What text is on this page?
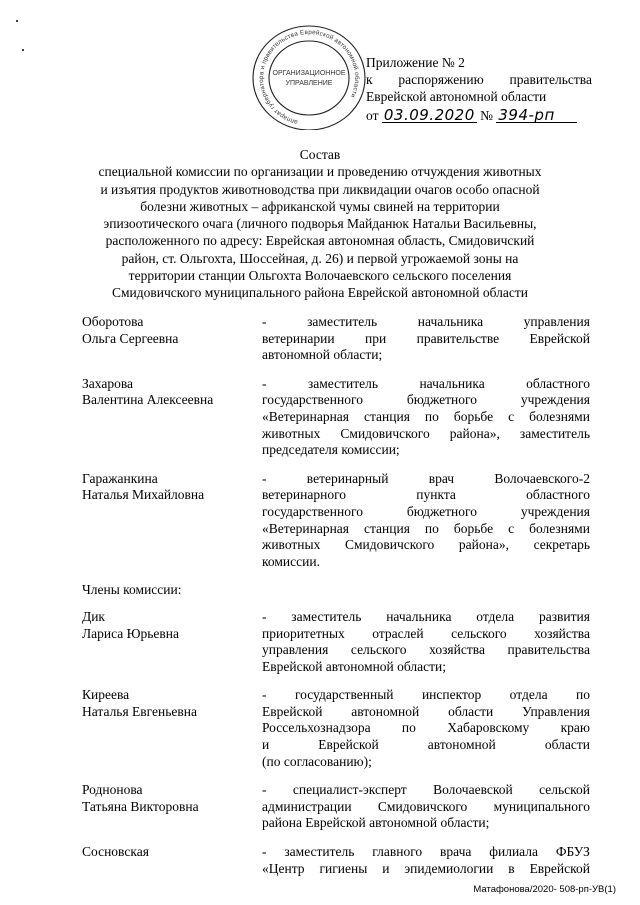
аппарат губернатора и правительства Еврейской автономной области
ОРГАНИЗАЦИОННОЕ
УПРАВЛЕНИЕ
Приложение № 2
к распоряжению правительства
Еврейской автономной области
от 03.09.2020 № 394-рп
Состав
специальной комиссии по организации и проведению отчуждения животных
и изъятия продуктов животноводства при ликвидации очагов особо опасной
болезни животных – африканской чумы свиней на территории
эпизоотического очага (личного подворья Майданюк Натальи Васильевны,
расположенного по адресу: Еврейская автономная область, Смидовичский
район, ст. Ольгохта, Шоссейная, д. 26) и первой угрожаемой зоны на
территории станции Ольгохта Волочаевского сельского поселения
Смидовичского муниципального района Еврейской автономной области
Оборотова
Ольга Сергеевна
-	заместитель	начальника	управления
ветеринарии при правительстве Еврейской
автономной области;
Захарова
Валентина Алексеевна
-	заместитель	начальника	областного
государственного	бюджетного	учреждения
«Ветеринарная станция по борьбе с болезнями
животных Смидовичского района», заместитель
председателя комиссии;
Гаражанкина
Наталья Михайловна
-	ветеринарный	врач	Волочаевского-2
ветеринарного	пункта	областного
государственного	бюджетного	учреждения
«Ветеринарная станция по борьбе с болезнями
животных Смидовичского района», секретарь
комиссии.
Члены комиссии:
Дик
Лариса Юрьевна
- заместитель начальника отдела развития
приоритетных отраслей сельского хозяйства
управления сельского хозяйства правительства
Еврейской автономной области;
Киреева
Наталья Евгеньевна
- государственный инспектор отдела по
Еврейской автономной области Управления
Россельхознадзора по Хабаровскому краю
и	Еврейской	автономной	области
(по согласованию);
Роднонова
Татьяна Викторовна
- специалист-эксперт Волочаевской сельской
администрации Смидовичского муниципального
района Еврейской автономной области;
Сосновская	- заместитель главного врача филиала ФБУЗ
«Центр гигиены и эпидемиологии в Еврейской
Матафонова/2020- 508-рп-УВ(1)
